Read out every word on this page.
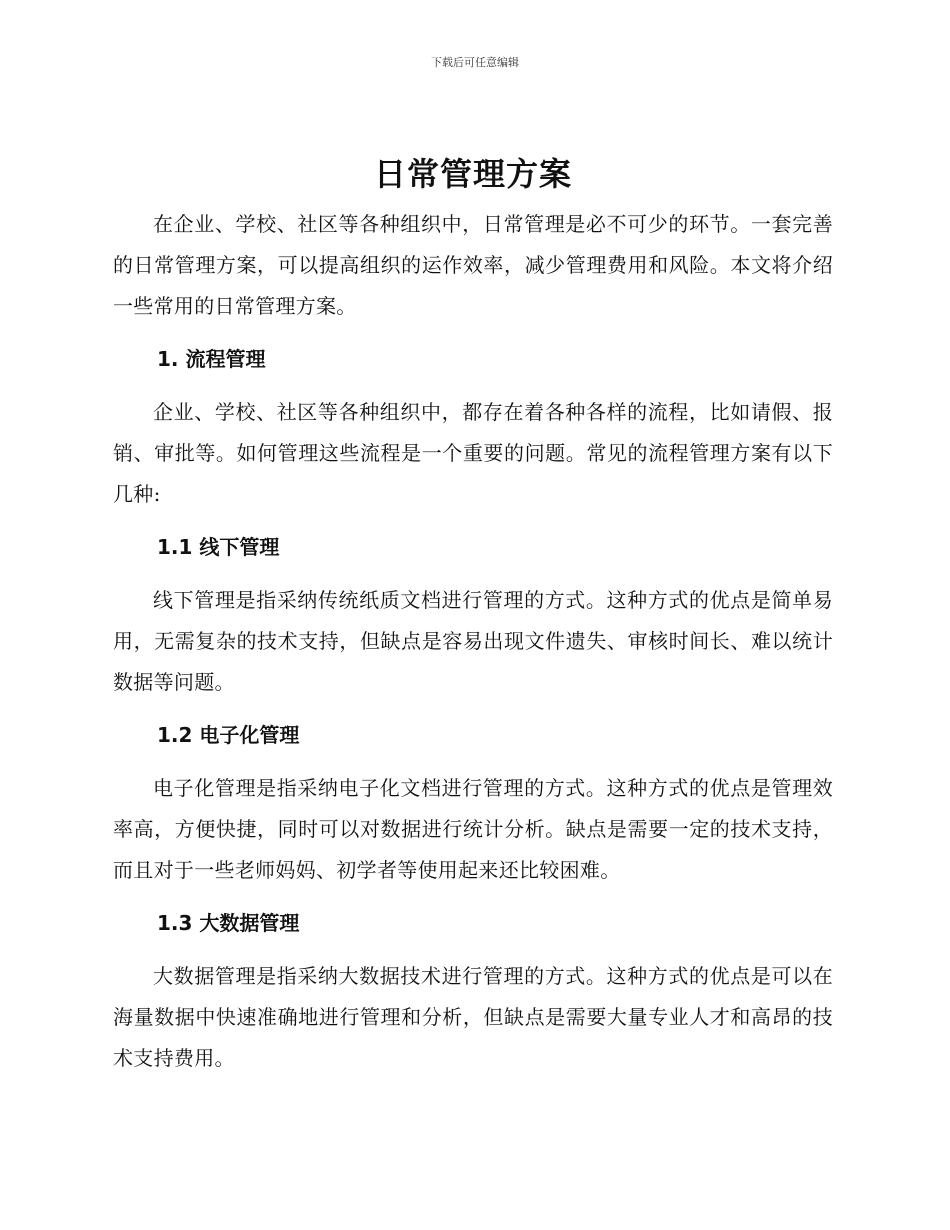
下载后可任意编辑
日常管理方案

在企业、学校、社区等各种组织中，日常管理是必不可少的环节。一套完善的日常管理方案，可以提高组织的运作效率，减少管理费用和风险。本文将介绍一些常用的日常管理方案。

1. 流程管理

企业、学校、社区等各种组织中，都存在着各种各样的流程，比如请假、报销、审批等。如何管理这些流程是一个重要的问题。常见的流程管理方案有以下几种:

1.1 线下管理

线下管理是指采纳传统纸质文档进行管理的方式。这种方式的优点是简单易用，无需复杂的技术支持，但缺点是容易出现文件遗失、审核时间长、难以统计数据等问题。

1.2 电子化管理

电子化管理是指采纳电子化文档进行管理的方式。这种方式的优点是管理效率高，方便快捷，同时可以对数据进行统计分析。缺点是需要一定的技术支持，而且对于一些老师妈妈、初学者等使用起来还比较困难。

1.3 大数据管理

大数据管理是指采纳大数据技术进行管理的方式。这种方式的优点是可以在海量数据中快速准确地进行管理和分析，但缺点是需要大量专业人才和高昂的技术支持费用。
